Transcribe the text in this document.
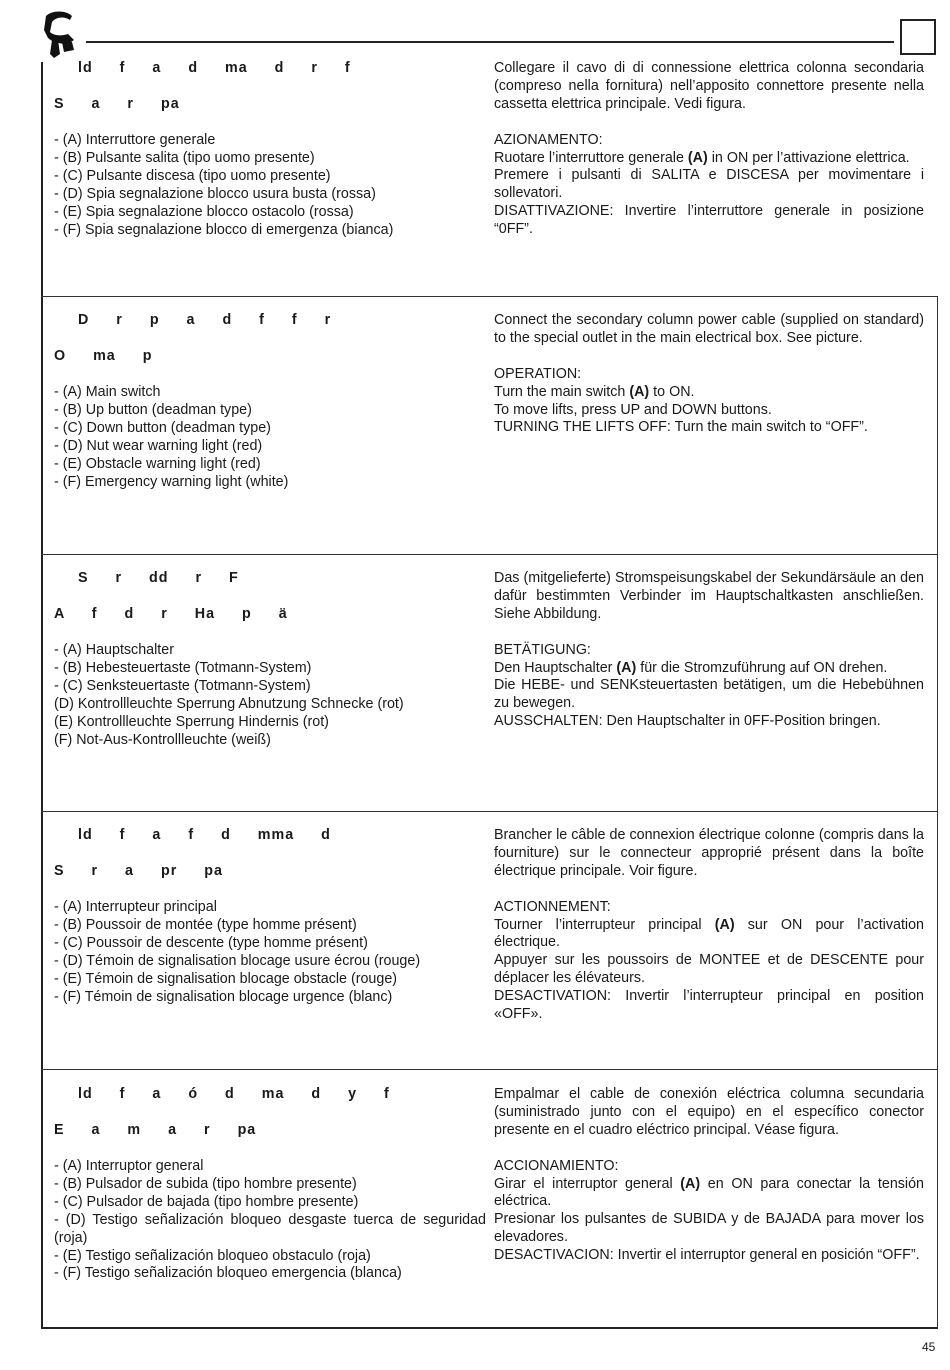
ld f a d ma d r f
S a r pa
- (A) Interruttore generale
- (B) Pulsante salita (tipo uomo presente)
- (C) Pulsante discesa (tipo uomo presente)
- (D) Spia segnalazione blocco usura busta (rossa)
- (E) Spia segnalazione blocco ostacolo (rossa)
- (F) Spia segnalazione blocco di emergenza (bianca)
Collegare il cavo di di connessione elettrica colonna secondaria (compreso nella fornitura) nell’apposito connettore presente nella cassetta elettrica principale. Vedi figura.
AZIONAMENTO:
Ruotare l’interruttore generale (A) in ON per l’attivazione elettrica.
Premere i pulsanti di SALITA e DISCESA per movimentare i sollevatori.
DISATTIVAZIONE: Invertire l’interruttore generale in posizione “0FF”.
D r p a d f f r
O ma p
- (A) Main switch
- (B) Up button (deadman type)
- (C) Down button (deadman type)
- (D) Nut wear warning light (red)
- (E) Obstacle warning light (red)
- (F) Emergency warning light (white)
Connect the secondary column power cable (supplied on standard) to the special outlet in the main electrical box. See picture.
OPERATION:
Turn the main switch (A) to ON.
To move lifts, press UP and DOWN buttons.
TURNING THE LIFTS OFF: Turn the main switch to “OFF”.
S r dd r F
A f d r Ha p ä
- (A) Hauptschalter
- (B) Hebesteuertaste (Totmann-System)
- (C) Senksteuertaste (Totmann-System)
(D) Kontrollleuchte Sperrung Abnutzung Schnecke (rot)
(E) Kontrollleuchte Sperrung Hindernis (rot)
(F) Not-Aus-Kontrollleuchte (weiß)
Das (mitgelieferte) Stromspeisungskabel der Sekundärsäule an den dafür bestimmten Verbinder im Hauptschaltkasten anschließen. Siehe Abbildung.
BETÄTIGUNG:
Den Hauptschalter (A) für die Stromzuführung auf ON drehen.
Die HEBE- und SENKsteuertasten betätigen, um die Hebebühnen zu bewegen.
AUSSCHALTEN: Den Hauptschalter in 0FF-Position bringen.
ld f a f d mma d
S r a pr pa
- (A) Interrupteur principal
- (B) Poussoir de montée (type homme présent)
- (C) Poussoir de descente (type homme présent)
- (D) Témoin de signalisation blocage usure écrou (rouge)
- (E) Témoin de signalisation blocage obstacle (rouge)
- (F) Témoin de signalisation blocage urgence (blanc)
Brancher le câble de connexion électrique colonne (compris dans la fourniture) sur le connecteur approprié présent dans la boîte électrique principale. Voir figure.
ACTIONNEMENT:
Tourner l’interrupteur principal (A) sur ON pour l’activation électrique.
Appuyer sur les poussoirs de MONTEE et de DESCENTE pour déplacer les élévateurs.
DESACTIVATION: Invertir l’interrupteur principal en position «OFF».
ld f a ó d ma d y f
E a m a r pa
- (A) Interruptor general
- (B) Pulsador de subida (tipo hombre presente)
- (C) Pulsador de bajada (tipo hombre presente)
- (D) Testigo señalización bloqueo desgaste tuerca de seguridad (roja)
- (E) Testigo señalización bloqueo obstaculo (roja)
- (F) Testigo señalización bloqueo emergencia (blanca)
Empalmar el cable de conexión eléctrica columna secundaria (suministrado junto con el equipo) en el específico conector presente en el cuadro eléctrico principal. Véase figura.
ACCIONAMIENTO:
Girar el interruptor general (A) en ON para conectar la tensión eléctrica.
Presionar los pulsantes de SUBIDA y de BAJADA para mover los elevadores.
DESACTIVACION: Invertir el interruptor general en posición “OFF”.
45
